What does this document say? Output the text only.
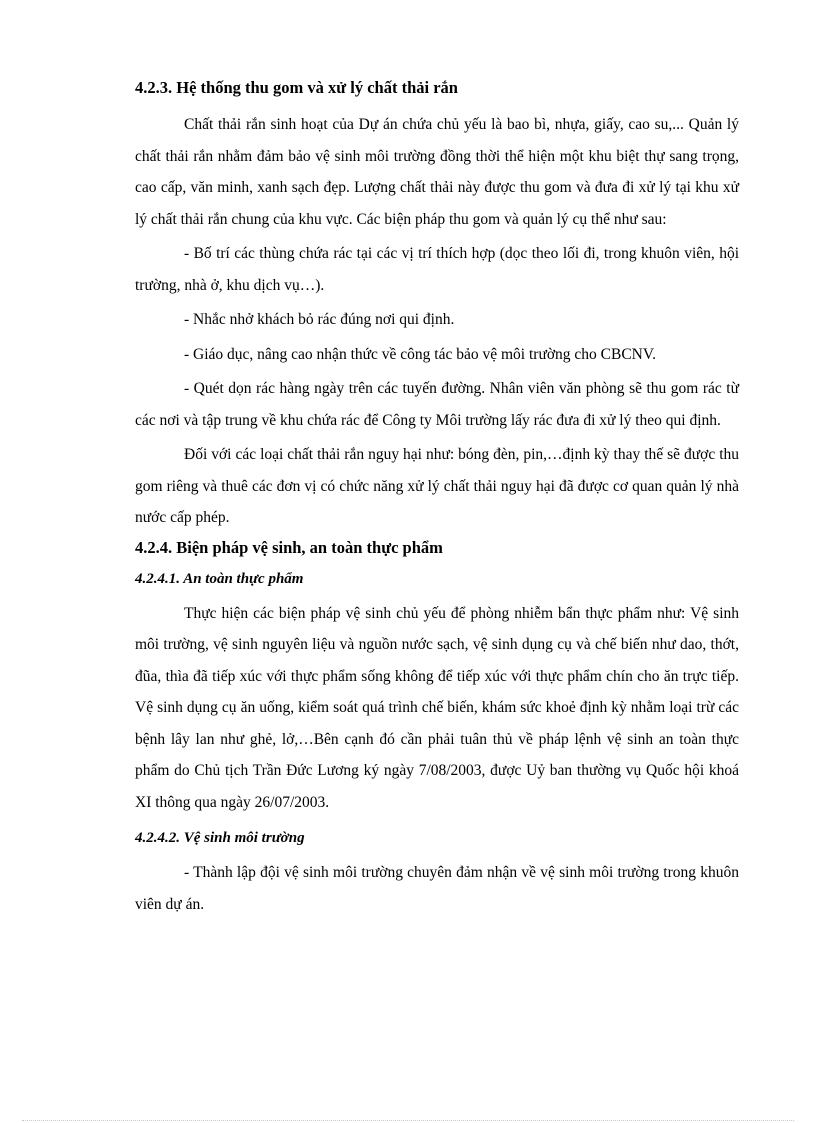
4.2.3. Hệ thống thu gom và xử lý chất thải rắn

Chất thải rắn sinh hoạt của Dự án chứa chủ yếu là bao bì, nhựa, giấy, cao su,... Quản lý chất thải rắn nhằm đảm bảo vệ sinh môi trường đồng thời thể hiện một khu biệt thự sang trọng, cao cấp, văn minh, xanh sạch đẹp. Lượng chất thải này được thu gom và đưa đi xử lý tại khu xử lý chất thải rắn chung của khu vực. Các biện pháp thu gom và quản lý cụ thể như sau:

- Bố trí các thùng chứa rác tại các vị trí thích hợp (dọc theo lối đi, trong khuôn viên, hội trường, nhà ở, khu dịch vụ…).

- Nhắc nhở khách bỏ rác đúng nơi qui định.

- Giáo dục, nâng cao nhận thức về công tác bảo vệ môi trường cho CBCNV.

- Quét dọn rác hàng ngày trên các tuyến đường. Nhân viên văn phòng sẽ thu gom rác từ các nơi và tập trung về khu chứa rác để Công ty Môi trường lấy rác đưa đi xử lý theo qui định.

Đối với các loại chất thải rắn nguy hại như: bóng đèn, pin,…định kỳ thay thế sẽ được thu gom riêng và thuê các đơn vị có chức năng xử lý chất thải nguy hại đã được cơ quan quản lý nhà nước cấp phép.

4.2.4. Biện pháp vệ sinh, an toàn thực phẩm
4.2.4.1. An toàn thực phẩm

Thực hiện các biện pháp vệ sinh chủ yếu để phòng nhiễm bẩn thực phẩm như: Vệ sinh môi trường, vệ sinh nguyên liệu và nguồn nước sạch, vệ sinh dụng cụ và chế biến như dao, thớt, đũa, thìa đã tiếp xúc với thực phẩm sống không để tiếp xúc với thực phẩm chín cho ăn trực tiếp. Vệ sinh dụng cụ ăn uống, kiểm soát quá trình chế biến, khám sức khoẻ định kỳ nhằm loại trừ các bệnh lây lan như ghẻ, lở,…Bên cạnh đó cần phải tuân thủ về pháp lệnh vệ sinh an toàn thực phẩm do Chủ tịch Trần Đức Lương ký ngày 7/08/2003, được Uỷ ban thường vụ Quốc hội khoá XI thông qua ngày 26/07/2003.

4.2.4.2. Vệ sinh môi trường

- Thành lập đội vệ sinh môi trường chuyên đảm nhận về vệ sinh môi trường trong khuôn viên dự án.
